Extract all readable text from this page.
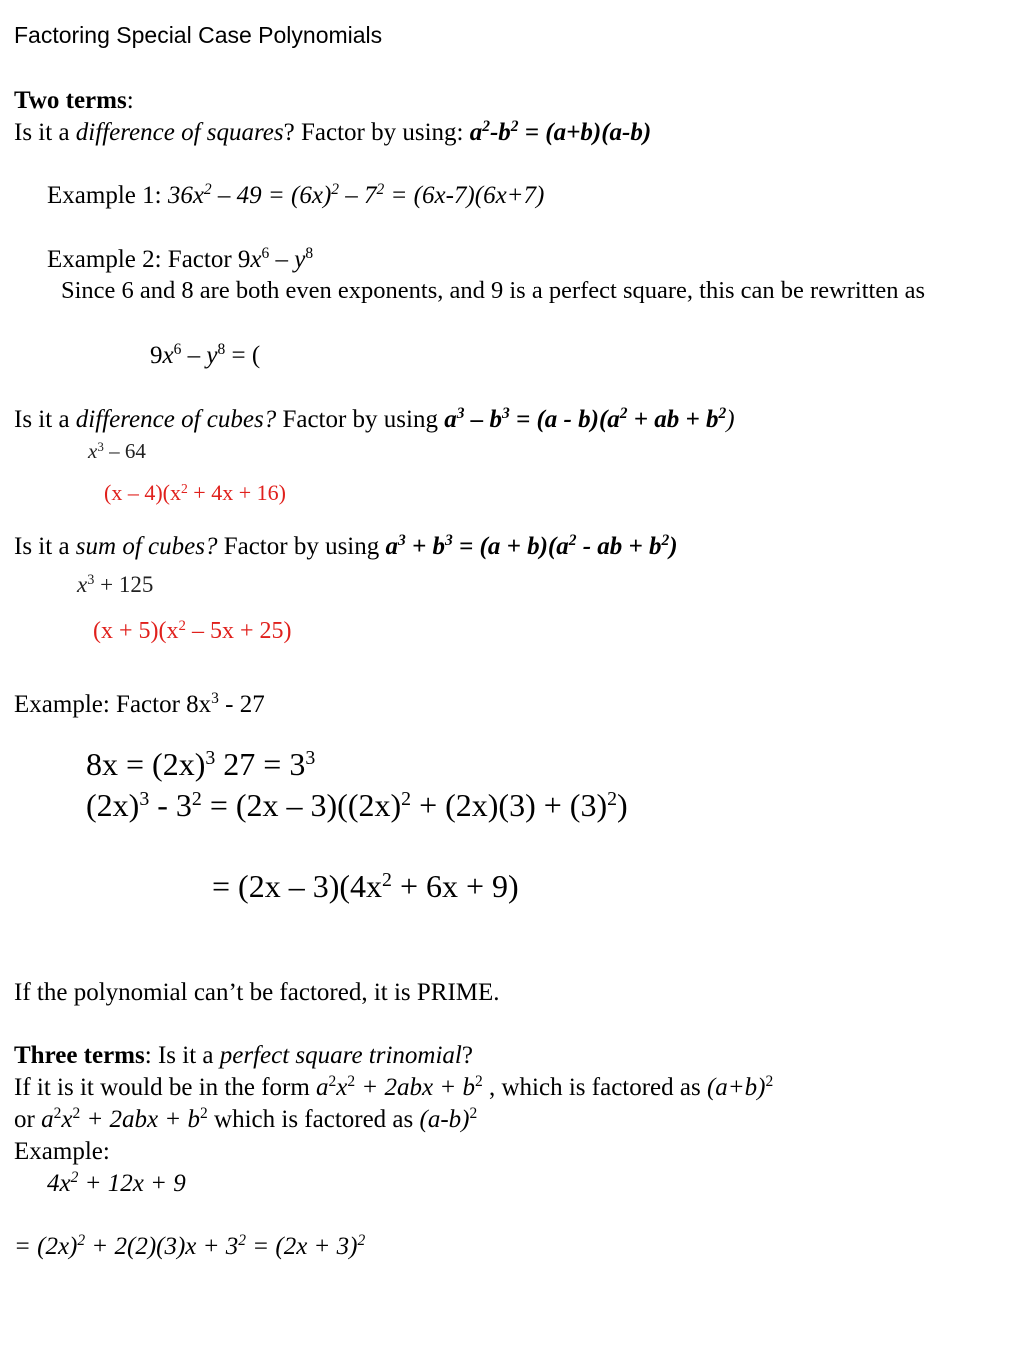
Factoring Special Case Polynomials
Two terms:
Is it a difference of squares? Factor by using: $a^2-b^2 = (a+b)(a-b)$
Example 1: $36x^2 - 49 = (6x)^2 - 7^2 = (6x-7)(6x+7)$
Example 2: Factor $9x^6 - y^8$
Since 6 and 8 are both even exponents, and 9 is a perfect square, this can be rewritten as
$9x^6 - y^8$ = (
Is it a difference of cubes? Factor by using $a^3 - b^3 = (a - b)(a^2$ + ab + $b^2$)
$x^3 - 64$
$(x - 4)(x^2 + 4x + 16)$
Is it a sum of cubes? Factor by using $a^3 + b^3 = (a + b)(a^2$ - ab + $b^2$)
$x^3 + 125$
$(x + 5)(x^2 - 5x + 25)$
Example: Factor $8x^3 - 27$
$8x = (2x)^3$ $27 = 3^3$
$(2x)^3 - 3^2 = (2x - 3)((2x)^2 + (2x)(3) + (3)^2)$
= $(2x - 3)(4x^2 + 6x + 9)$
If the polynomial can’t be factored, it is PRIME.
Three terms: Is it a perfect square trinomial?
If it is it would be in the form $a^2x^2 + 2abx + b^2$ , which is factored as $(a+b)^2$
or $a^2x^2 + 2abx + b^2$ which is factored as $(a-b)^2$
Example:
$4x^2 + 12x + 9$
= $(2x)^2 + 2(2)(3)x + 3^2 = (2x + 3)^2$
